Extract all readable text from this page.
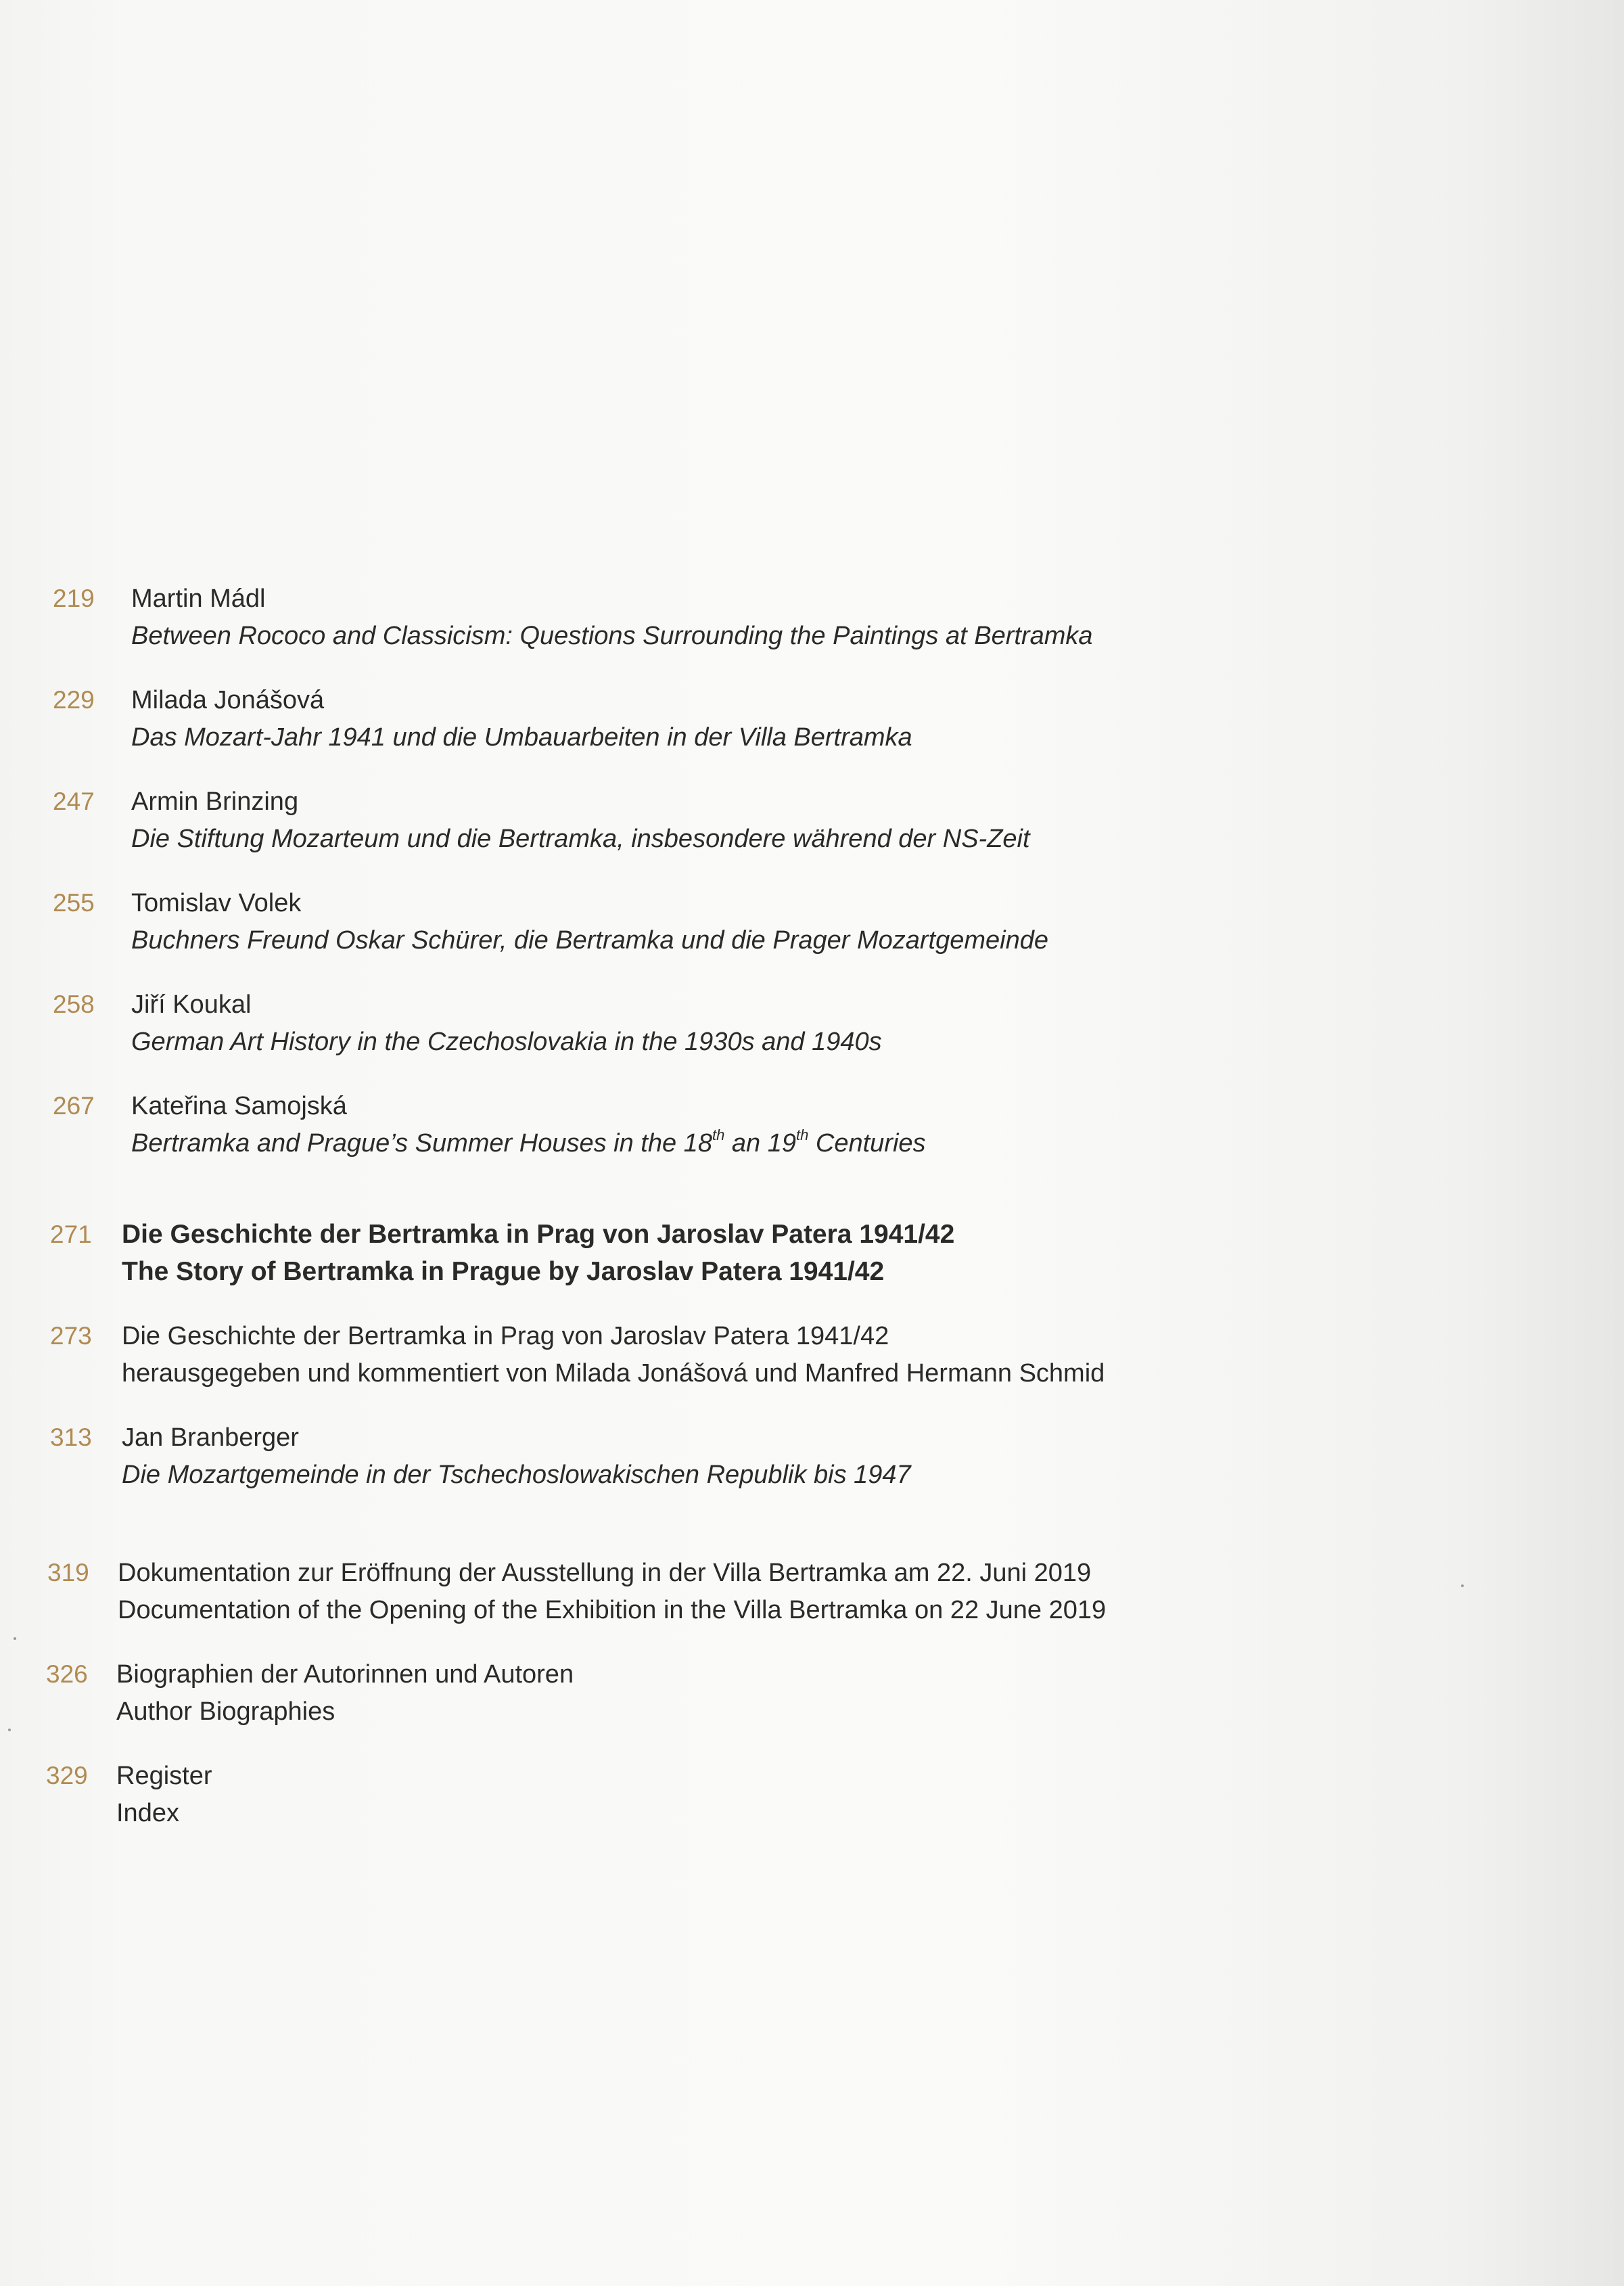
219	Martin Mádl
Between Rococo and Classicism: Questions Surrounding the Paintings at Bertramka
229	Milada Jonášová
Das Mozart-Jahr 1941 und die Umbauarbeiten in der Villa Bertramka
247	Armin Brinzing
Die Stiftung Mozarteum und die Bertramka, insbesondere während der NS-Zeit
255	Tomislav Volek
Buchners Freund Oskar Schürer, die Bertramka und die Prager Mozartgemeinde
258	Jiří Koukal
German Art History in the Czechoslovakia in the 1930s and 1940s
267	Kateřina Samojská
Bertramka and Prague’s Summer Houses in the 18th an 19th Centuries
271	Die Geschichte der Bertramka in Prag von Jaroslav Patera 1941/42
The Story of Bertramka in Prague by Jaroslav Patera 1941/42
273	Die Geschichte der Bertramka in Prag von Jaroslav Patera 1941/42
herausgegeben und kommentiert von Milada Jonášová und Manfred Hermann Schmid
313	Jan Branberger
Die Mozartgemeinde in der Tschechoslowakischen Republik bis 1947
319	Dokumentation zur Eröffnung der Ausstellung in der Villa Bertramka am 22. Juni 2019
Documentation of the Opening of the Exhibition in the Villa Bertramka on 22 June 2019
326	Biographien der Autorinnen und Autoren
Author Biographies
329	Register
Index
